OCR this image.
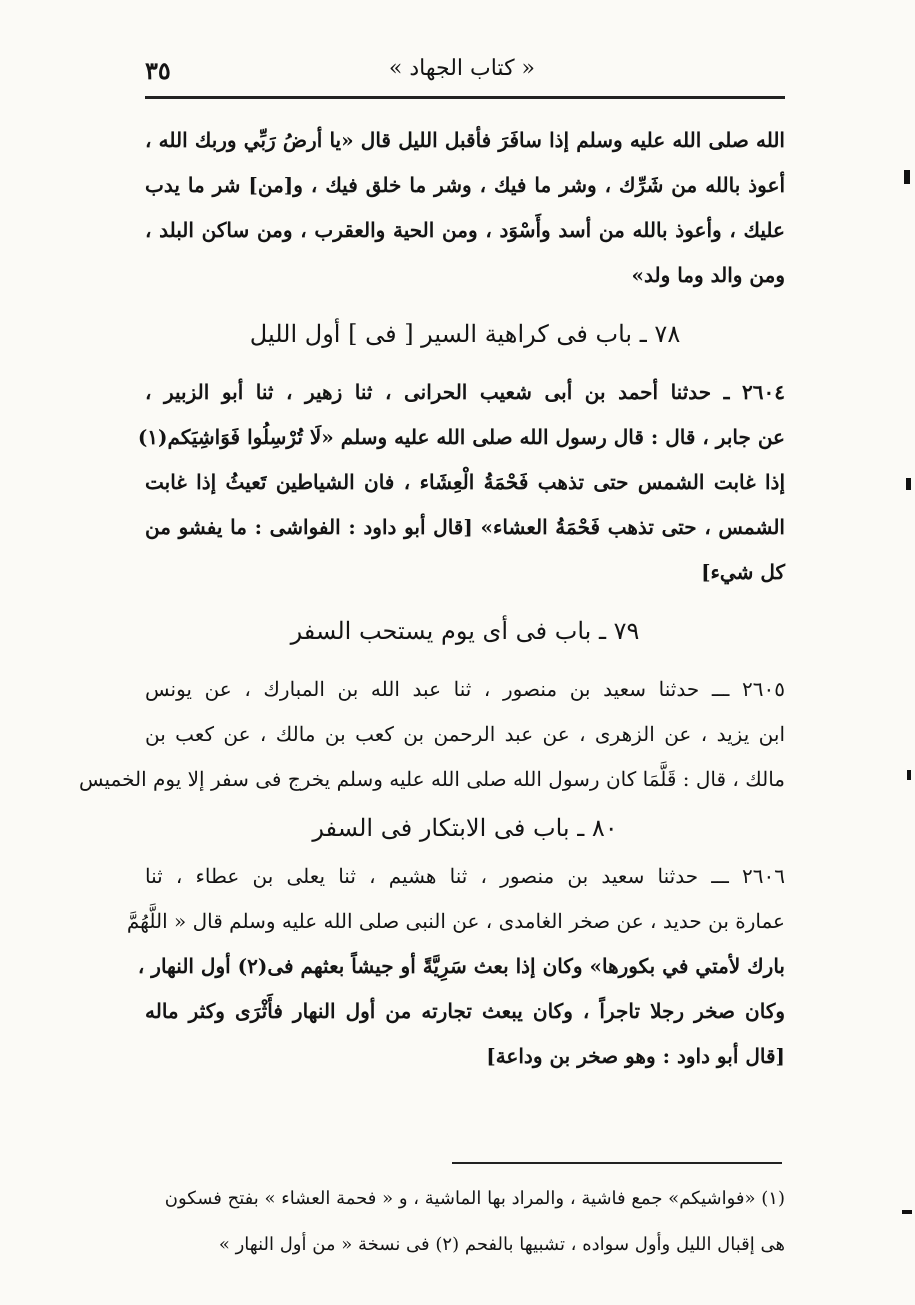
« كتاب الجهاد »
٣٥
الله صلى الله عليه وسلم إذا سافَرَ فأقبل الليل قال «يا أرضُ رَبِّي وربك الله ،
أعوذ بالله من شَرِّك ، وشر ما فيك ، وشر ما خلق فيك ، و[من] شر ما يدب
عليك ، وأعوذ بالله من أسد وأَسْوَد ، ومن الحية والعقرب ، ومن ساكن البلد ،
ومن والد وما ولد»
٧٨ ـ باب فى كراهية السير [ فى ] أول الليل
٢٦٠٤ ـ حدثنا أحمد بن أبى شعيب الحرانى ، ثنا زهير ، ثنا أبو الزبير ،
عن جابر ، قال : قال رسول الله صلى الله عليه وسلم «لَا تُرْسِلُوا فَوَاشِيَكم(١)
إذا غابت الشمس حتى تذهب فَحْمَةُ الْعِشَاء ، فان الشياطين تَعيثُ إذا غابت
الشمس ، حتى تذهب فَحْمَةُ العشاء» [قال أبو داود : الفواشى : ما يفشو من
كل شيء]
٧٩ ـ باب فى أى يوم يستحب السفر
٢٦٠٥ ـــ حدثنا سعيد بن منصور ، ثنا عبد الله بن المبارك ، عن يونس
ابن يزيد ، عن الزهرى ، عن عبد الرحمن بن كعب بن مالك ، عن كعب بن
مالك ، قال : قَلَّمَا كان رسول الله صلى الله عليه وسلم يخرج فى سفر إلا يوم الخميس
٨٠ ـ باب فى الابتكار فى السفر
٢٦٠٦ ـــ حدثنا سعيد بن منصور ، ثنا هشيم ، ثنا يعلى بن عطاء ، ثنا
عمارة بن حديد ، عن صخر الغامدى ، عن النبى صلى الله عليه وسلم قال « اللَّهُمَّ
بارك لأمتي في بكورها» وكان إذا بعث سَرِيَّةً أو جيشاً بعثهم فى(٢) أول النهار ،
وكان صخر رجلا تاجراً ، وكان يبعث تجارته من أول النهار فأَثْرَى وكثر ماله
[قال أبو داود : وهو صخر بن وداعة]
(١) «فواشيكم» جمع فاشية ، والمراد بها الماشية ، و « فحمة العشاء » بفتح فسكون
هى إقبال الليل وأول سواده ، تشبيها بالفحم (٢) فى نسخة « من أول النهار »
